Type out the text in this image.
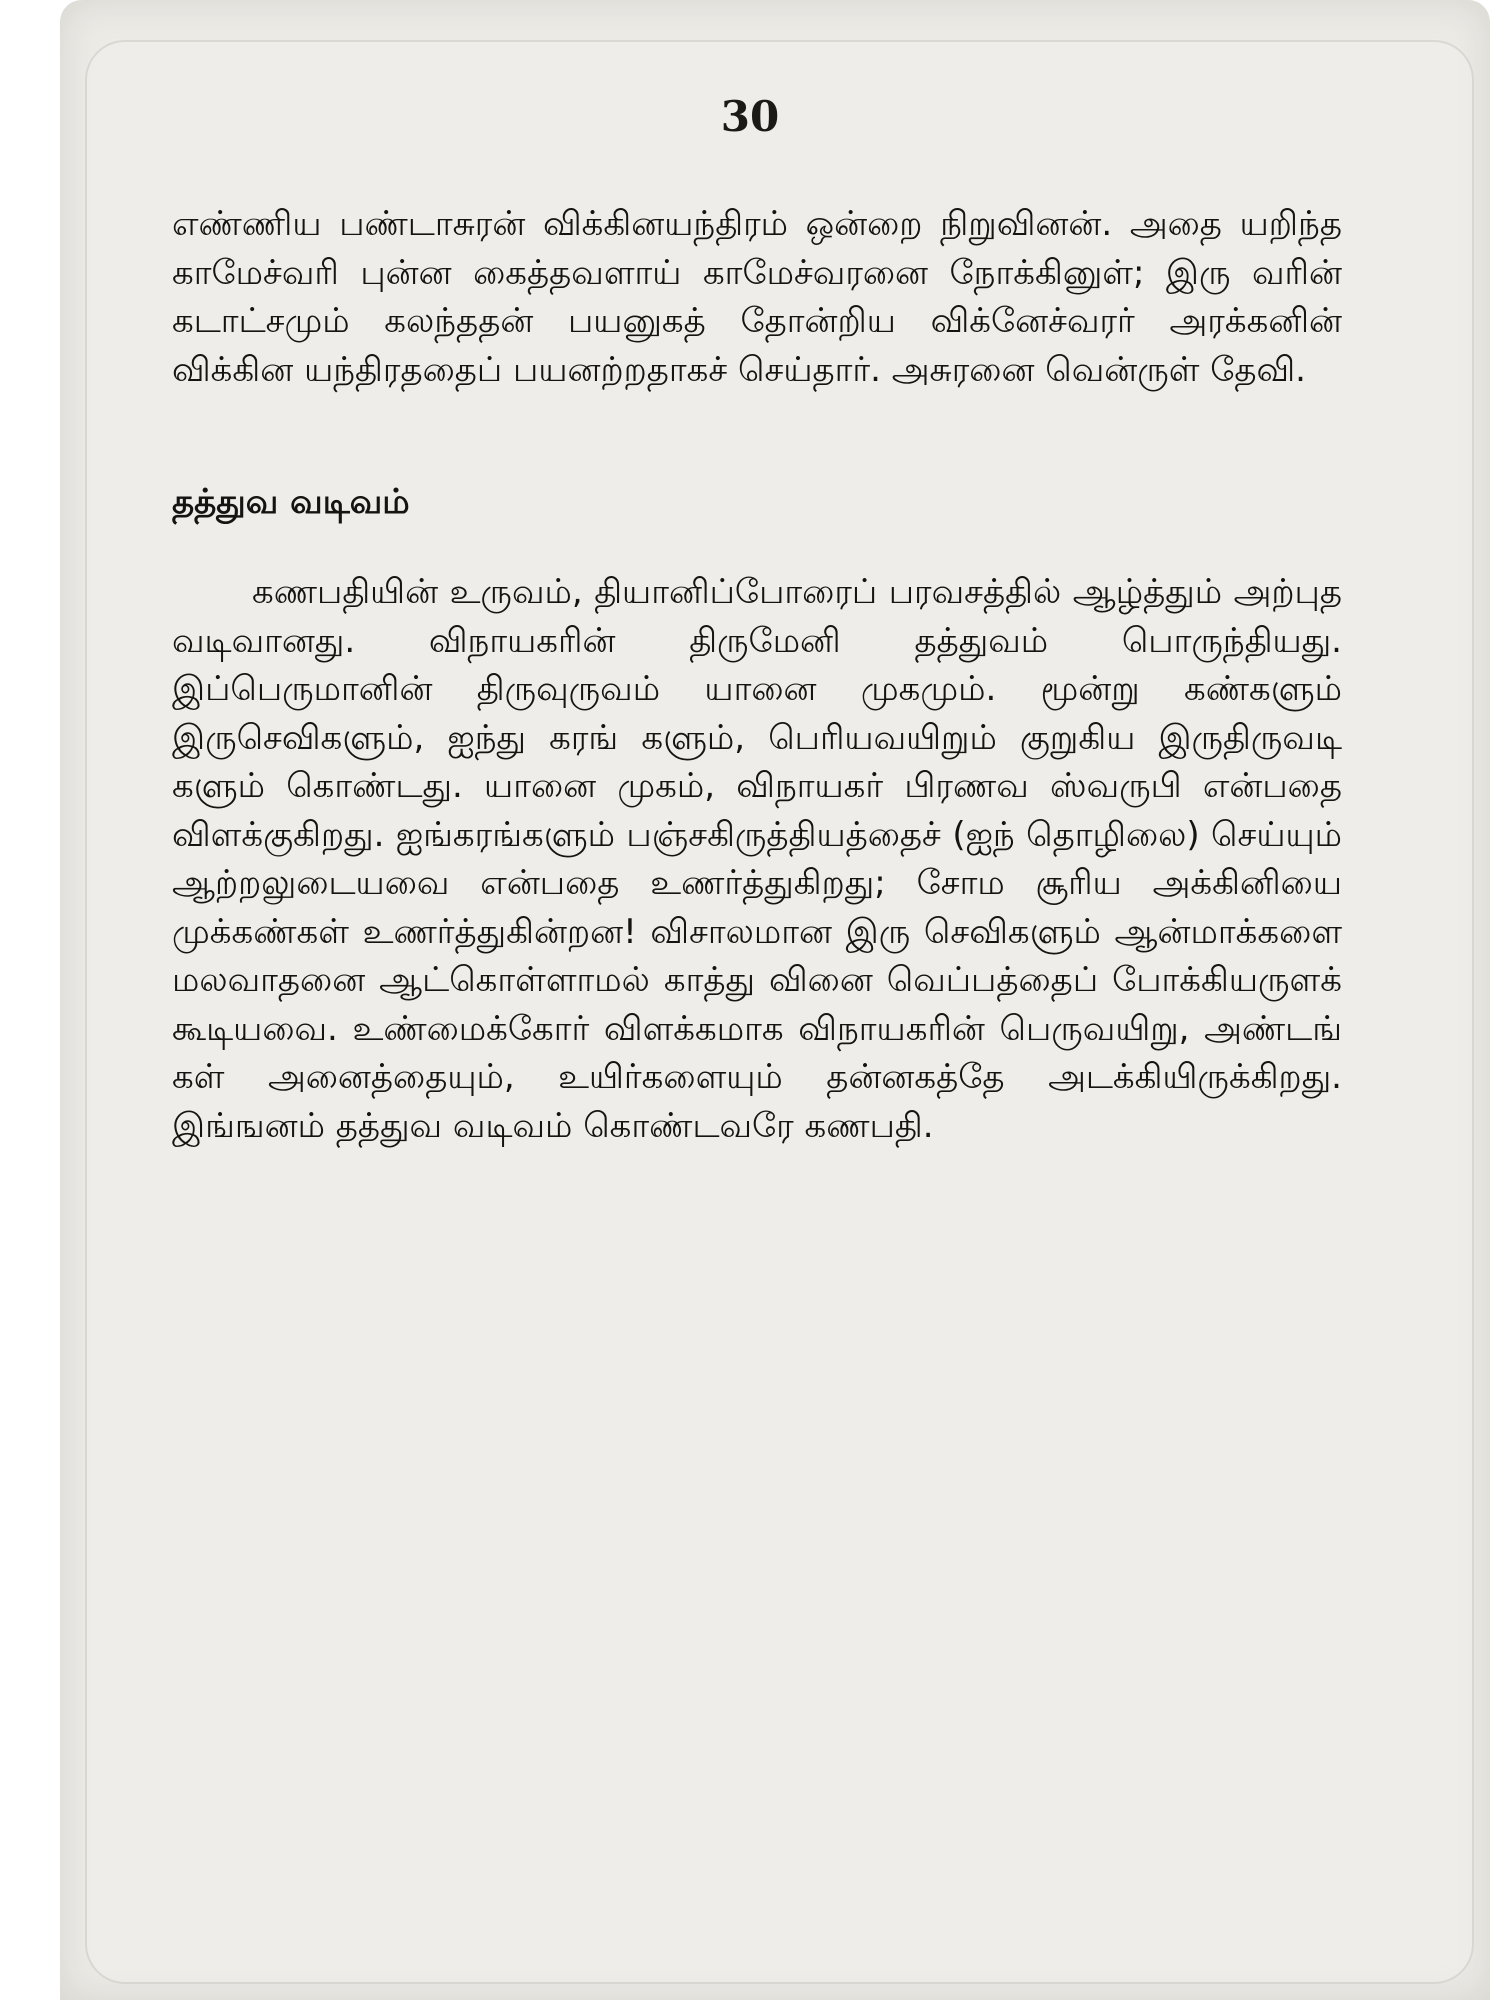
30

எண்ணிய பண்டாசுரன் விக்கினயந்திரம் ஒன்றை நிறுவினன். அதை யறிந்த காமேச்வரி புன்ன கைத்தவளாய் காமேச்வரனை நோக்கினுள்; இரு வரின் கடாட்சமும் கலந்ததன் பயனுகத் தோன்றிய விக்னேச்வரர் அரக்கனின் விக்கின யந்திரததைப் பயனற்றதாகச் செய்தார். அசுரனை வென்ருள் தேவி.

தத்துவ வடிவம்

கணபதியின் உருவம், தியானிப்போரைப் பரவசத்தில் ஆழ்த்தும் அற்புத வடிவானது. விநாயகரின் திருமேனி தத்துவம் பொருந்தியது. இப்பெருமானின் திருவுருவம் யானை முகமும். மூன்று கண்களும் இருசெவிகளும், ஐந்து கரங் களும், பெரியவயிறும் குறுகிய இருதிருவடி களும் கொண்டது. யானை முகம், விநாயகர் பிரணவ ஸ்வருபி என்பதை விளக்குகிறது. ஐங்கரங்களும் பஞ்சகிருத்தியத்தைச் (ஐந் தொழிலை) செய்யும் ஆற்றலுடையவை என்பதை உணர்த்துகிறது; சோம சூரிய அக்கினியை முக்கண்கள் உணர்த்துகின்றன! விசாலமான இரு செவிகளும் ஆன்மாக்களை மலவாதனை ஆட்கொள்ளாமல் காத்து வினை வெப்பத்தைப் போக்கியருளக் கூடியவை. உண்மைக்கோர் விளக்கமாக விநாயகரின் பெருவயிறு, அண்டங் கள் அனைத்தையும், உயிர்களையும் தன்னகத்தே அடக்கியிருக்கிறது. இங்ஙனம் தத்துவ வடிவம் கொண்டவரே கணபதி.
